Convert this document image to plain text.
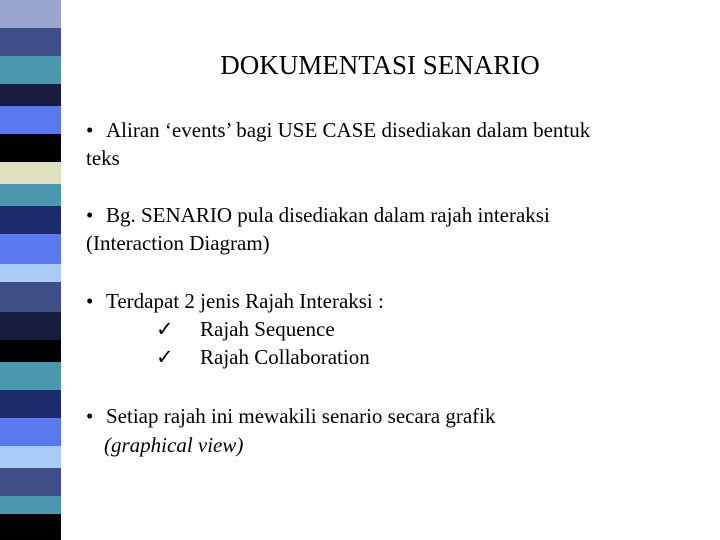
DOKUMENTASI SENARIO
• Aliran ‘events’ bagi USE CASE disediakan dalam bentuk
teks
• Bg. SENARIO pula disediakan dalam rajah interaksi
(Interaction Diagram)
• Terdapat 2 jenis Rajah Interaksi :
✓ Rajah Sequence
✓ Rajah Collaboration
• Setiap rajah ini mewakili senario secara grafik
(graphical view)
